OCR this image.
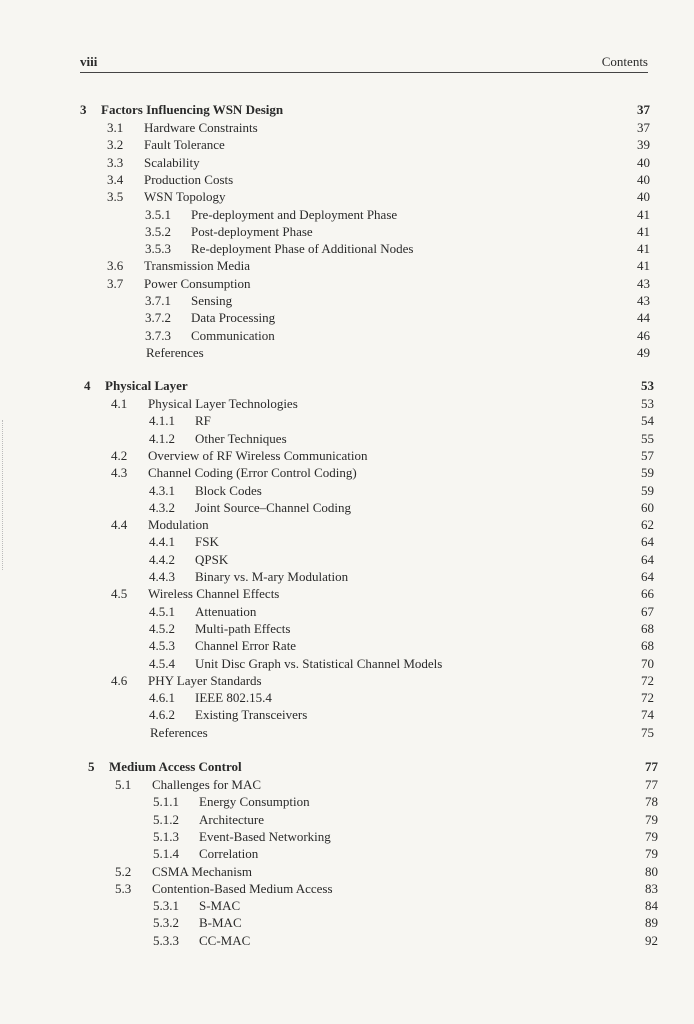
viii	Contents
3 Factors Influencing WSN Design	37
3.1 Hardware Constraints	37
3.2 Fault Tolerance	39
3.3 Scalability	40
3.4 Production Costs	40
3.5 WSN Topology	40
3.5.1 Pre-deployment and Deployment Phase	41
3.5.2 Post-deployment Phase	41
3.5.3 Re-deployment Phase of Additional Nodes	41
3.6 Transmission Media	41
3.7 Power Consumption	43
3.7.1 Sensing	43
3.7.2 Data Processing	44
3.7.3 Communication	46
References	49
4 Physical Layer	53
4.1 Physical Layer Technologies	53
4.1.1 RF	54
4.1.2 Other Techniques	55
4.2 Overview of RF Wireless Communication	57
4.3 Channel Coding (Error Control Coding)	59
4.3.1 Block Codes	59
4.3.2 Joint Source–Channel Coding	60
4.4 Modulation	62
4.4.1 FSK	64
4.4.2 QPSK	64
4.4.3 Binary vs. M-ary Modulation	64
4.5 Wireless Channel Effects	66
4.5.1 Attenuation	67
4.5.2 Multi-path Effects	68
4.5.3 Channel Error Rate	68
4.5.4 Unit Disc Graph vs. Statistical Channel Models	70
4.6 PHY Layer Standards	72
4.6.1 IEEE 802.15.4	72
4.6.2 Existing Transceivers	74
References	75
5 Medium Access Control	77
5.1 Challenges for MAC	77
5.1.1 Energy Consumption	78
5.1.2 Architecture	79
5.1.3 Event-Based Networking	79
5.1.4 Correlation	79
5.2 CSMA Mechanism	80
5.3 Contention-Based Medium Access	83
5.3.1 S-MAC	84
5.3.2 B-MAC	89
5.3.3 CC-MAC	92
